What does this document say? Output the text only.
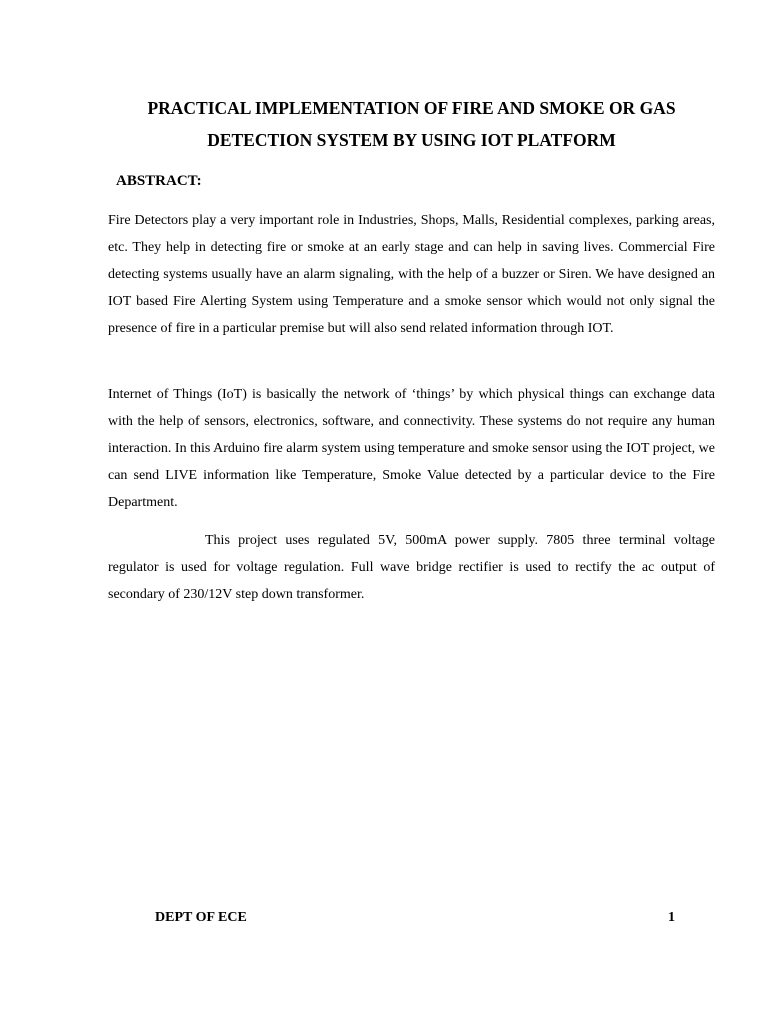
PRACTICAL IMPLEMENTATION OF FIRE AND SMOKE OR GAS
DETECTION SYSTEM BY USING IOT PLATFORM
ABSTRACT:

Fire Detectors play a very important role in Industries, Shops, Malls, Residential complexes, parking areas, etc. They help in detecting fire or smoke at an early stage and can help in saving lives. Commercial Fire detecting systems usually have an alarm signaling, with the help of a buzzer or Siren. We have designed an IOT based Fire Alerting System using Temperature and a smoke sensor which would not only signal the presence of fire in a particular premise but will also send related information through IOT.

Internet of Things (IoT) is basically the network of ‘things’ by which physical things can exchange data with the help of sensors, electronics, software, and connectivity. These systems do not require any human interaction. In this Arduino fire alarm system using temperature and smoke sensor using the IOT project, we can send LIVE information like Temperature, Smoke Value detected by a particular device to the Fire Department.

This project uses regulated 5V, 500mA power supply. 7805 three terminal voltage regulator is used for voltage regulation. Full wave bridge rectifier is used to rectify the ac output of secondary of 230/12V step down transformer.

DEPT OF ECE	1
